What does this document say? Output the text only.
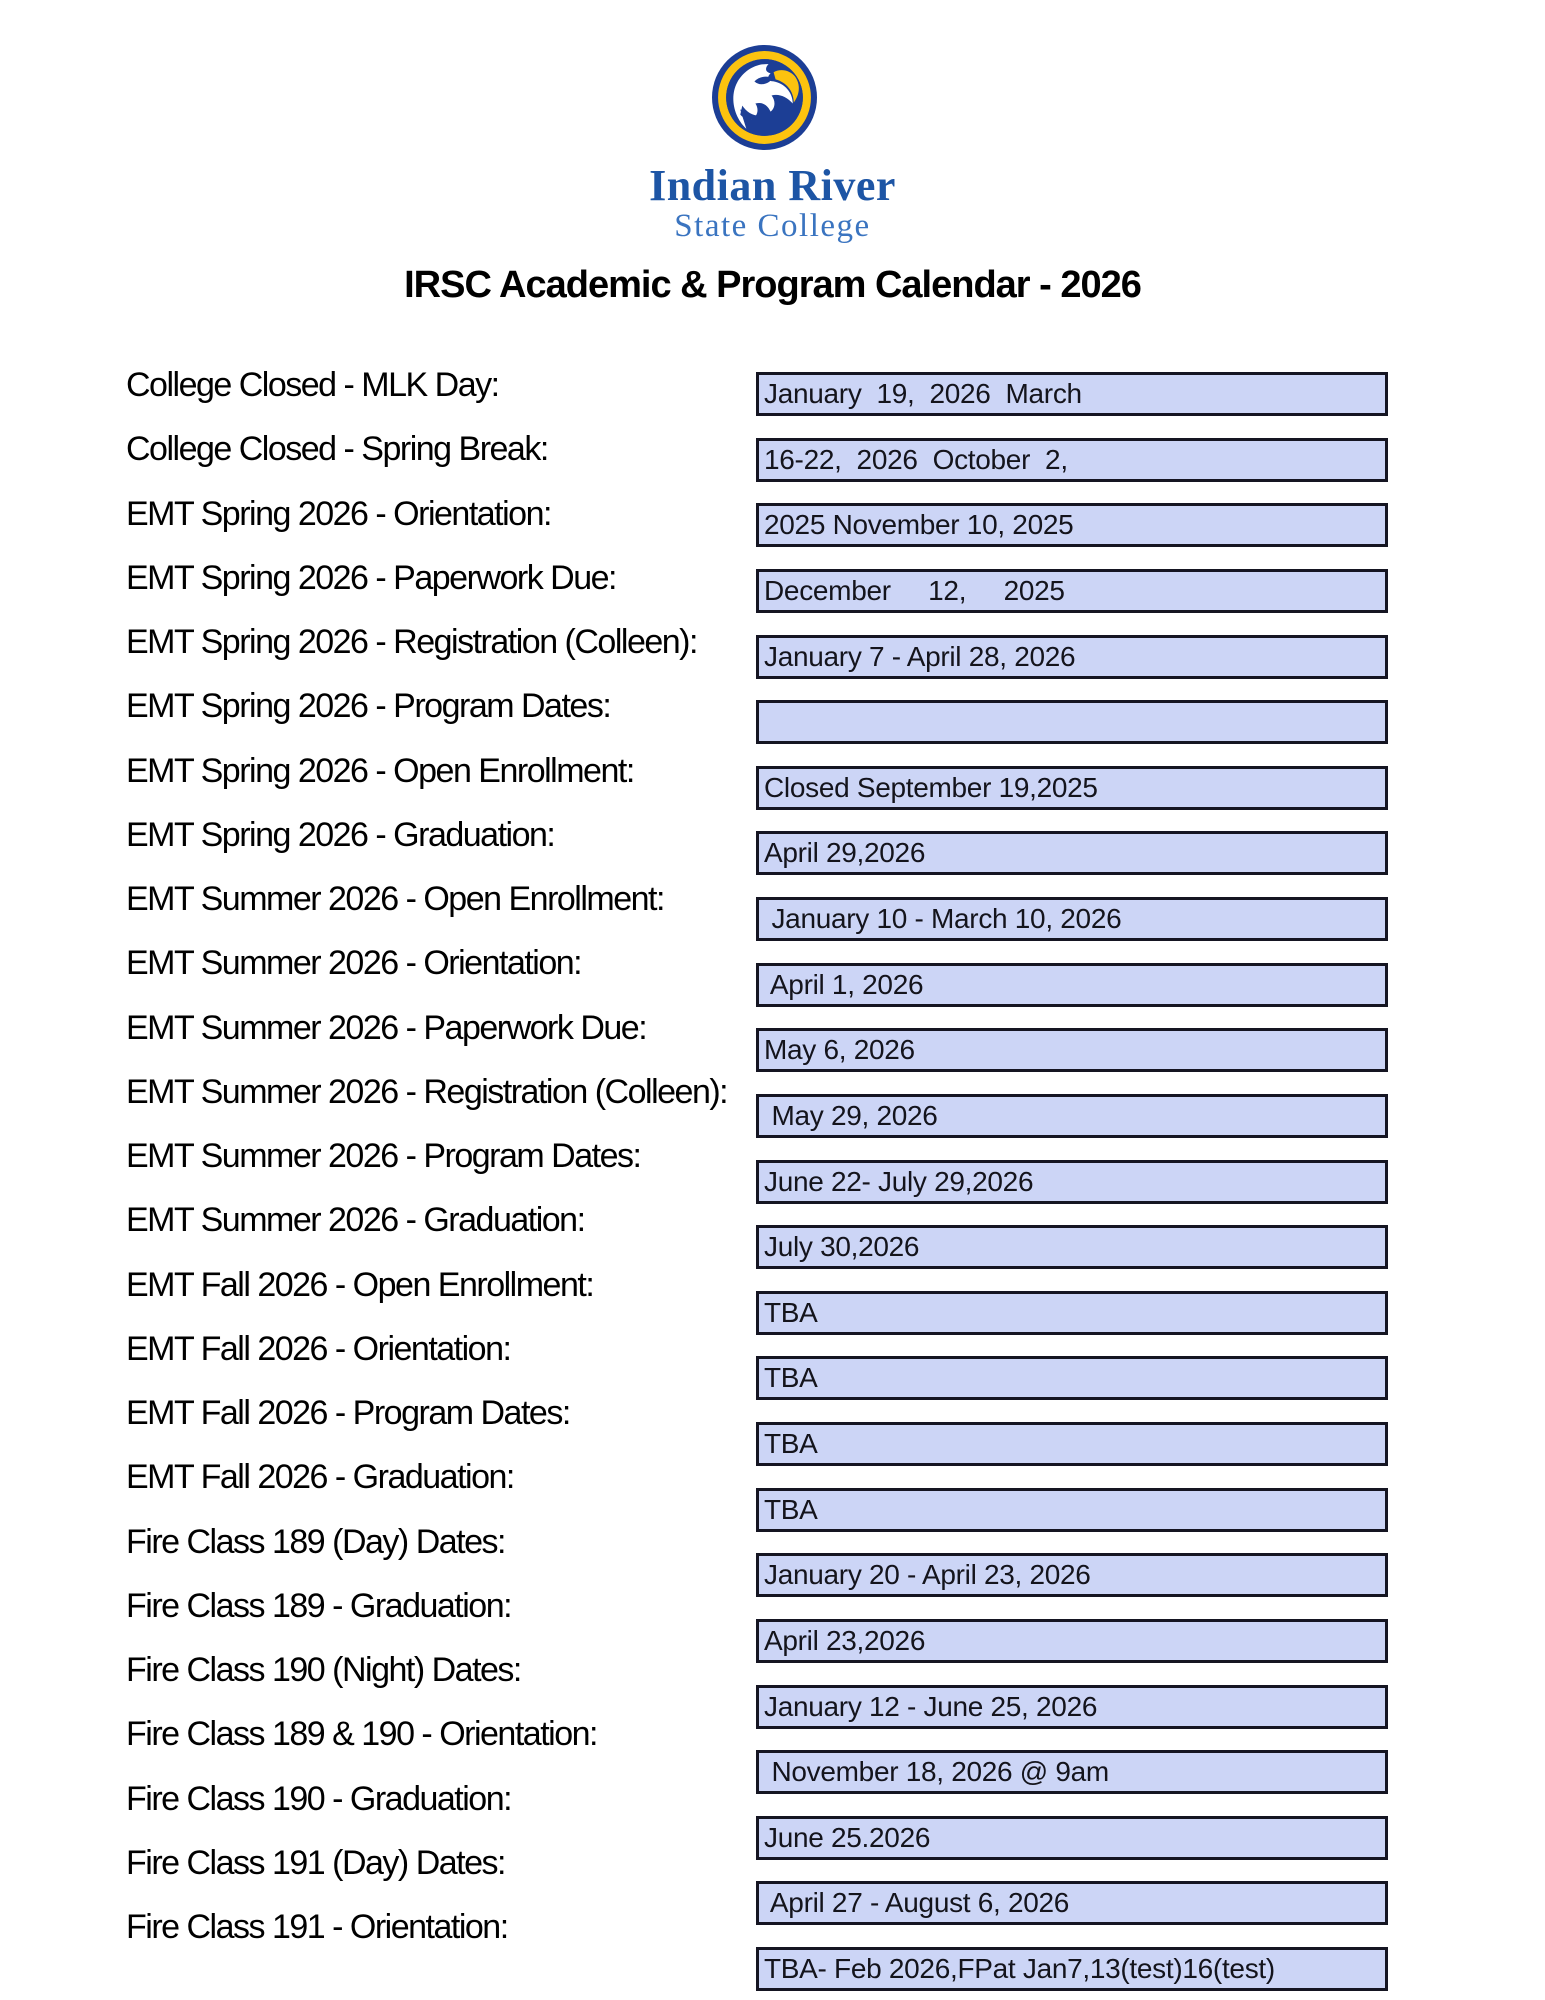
Indian River
State College
IRSC Academic & Program Calendar - 2026
College Closed - MLK Day:	January  19,  2026  March
College Closed - Spring Break:	16-22,  2026  October  2,
EMT Spring 2026 - Orientation:	2025 November 10, 2025
EMT Spring 2026 - Paperwork Due:	December     12,     2025
EMT Spring 2026 - Registration (Colleen): January 7 - April 28, 2026
EMT Spring 2026 - Program Dates:
EMT Spring 2026 - Open Enrollment:	Closed September 19,2025
EMT Spring 2026 - Graduation:	April 29,2026
EMT Summer 2026 - Open Enrollment:
January 10 - March 10, 2026
EMT Summer 2026 - Orientation:
April 1, 2026
EMT Summer 2026 - Paperwork Due:
May 6, 2026
EMT Summer 2026 - Registration (Colleen):
May 29, 2026
EMT Summer 2026 - Program Dates:
June 22- July 29,2026
EMT Summer 2026 - Graduation:
July 30,2026
EMT Fall 2026 - Open Enrollment:
TBA
EMT Fall 2026 - Orientation:
TBA
EMT Fall 2026 - Program Dates:
TBA
EMT Fall 2026 - Graduation:
TBA
Fire Class 189 (Day) Dates:
January 20 - April 23, 2026
Fire Class 189 - Graduation:
April 23,2026
Fire Class 190 (Night) Dates:
January 12 - June 25, 2026
Fire Class 189 & 190 - Orientation:
November 18, 2026 @ 9am
Fire Class 190 - Graduation:
June 25.2026
Fire Class 191 (Day) Dates:
April 27 - August 6, 2026
Fire Class 191 - Orientation:
TBA- Feb 2026,FPat Jan7,13(test)16(test)
